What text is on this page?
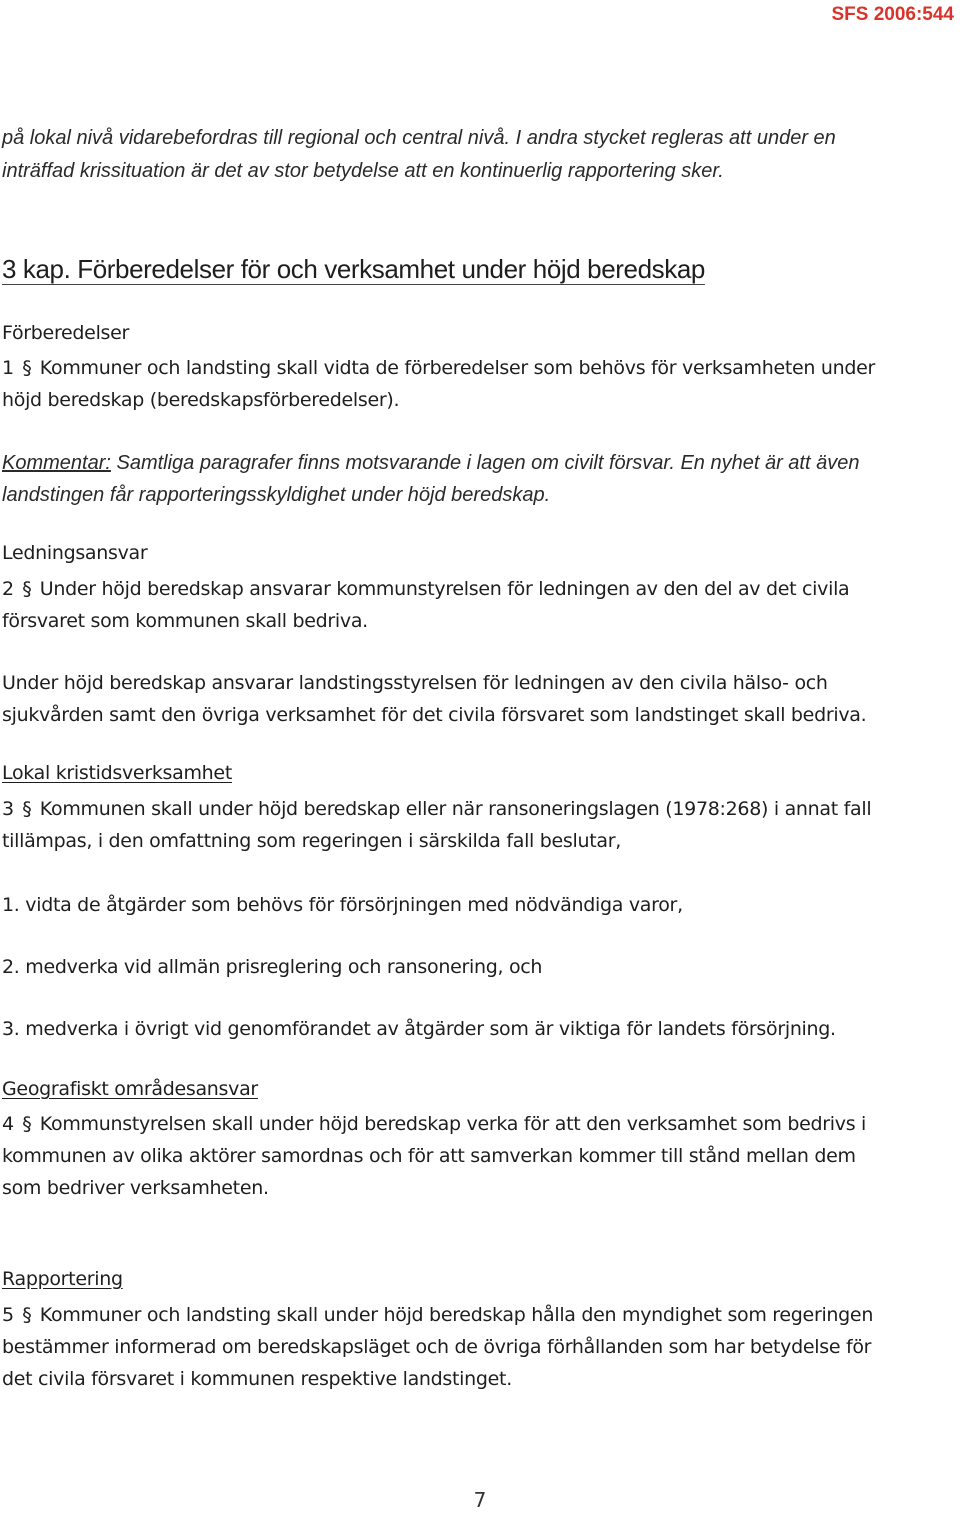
SFS 2006:544

på lokal nivå vidarebefordras till regional och central nivå. I andra stycket regleras att under en inträffad krissituation är det av stor betydelse att en kontinuerlig rapportering sker.

3 kap. Förberedelser för och verksamhet under höjd beredskap
Förberedelser

1 § Kommuner och landsting skall vidta de förberedelser som behövs för verksamheten under höjd beredskap (beredskapsförberedelser).

Kommentar: Samtliga paragrafer finns motsvarande i lagen om civilt försvar. En nyhet är att även landstingen får rapporteringsskyldighet under höjd beredskap.

Ledningsansvar

2 § Under höjd beredskap ansvarar kommunstyrelsen för ledningen av den del av det civila försvaret som kommunen skall bedriva.

Under höjd beredskap ansvarar landstingsstyrelsen för ledningen av den civila hälso- och sjukvården samt den övriga verksamhet för det civila försvaret som landstinget skall bedriva.

Lokal kristidsverksamhet

3 § Kommunen skall under höjd beredskap eller när ransoneringslagen (1978:268) i annat fall tillämpas, i den omfattning som regeringen i särskilda fall beslutar,

1. vidta de åtgärder som behövs för försörjningen med nödvändiga varor,

2. medverka vid allmän prisreglering och ransonering, och

3. medverka i övrigt vid genomförandet av åtgärder som är viktiga för landets försörjning.

Geografiskt områdesansvar

4 § Kommunstyrelsen skall under höjd beredskap verka för att den verksamhet som bedrivs i kommunen av olika aktörer samordnas och för att samverkan kommer till stånd mellan dem som bedriver verksamheten.

Rapportering

5 § Kommuner och landsting skall under höjd beredskap hålla den myndighet som regeringen bestämmer informerad om beredskapsläget och de övriga förhållanden som har betydelse för det civila försvaret i kommunen respektive landstinget.

7
